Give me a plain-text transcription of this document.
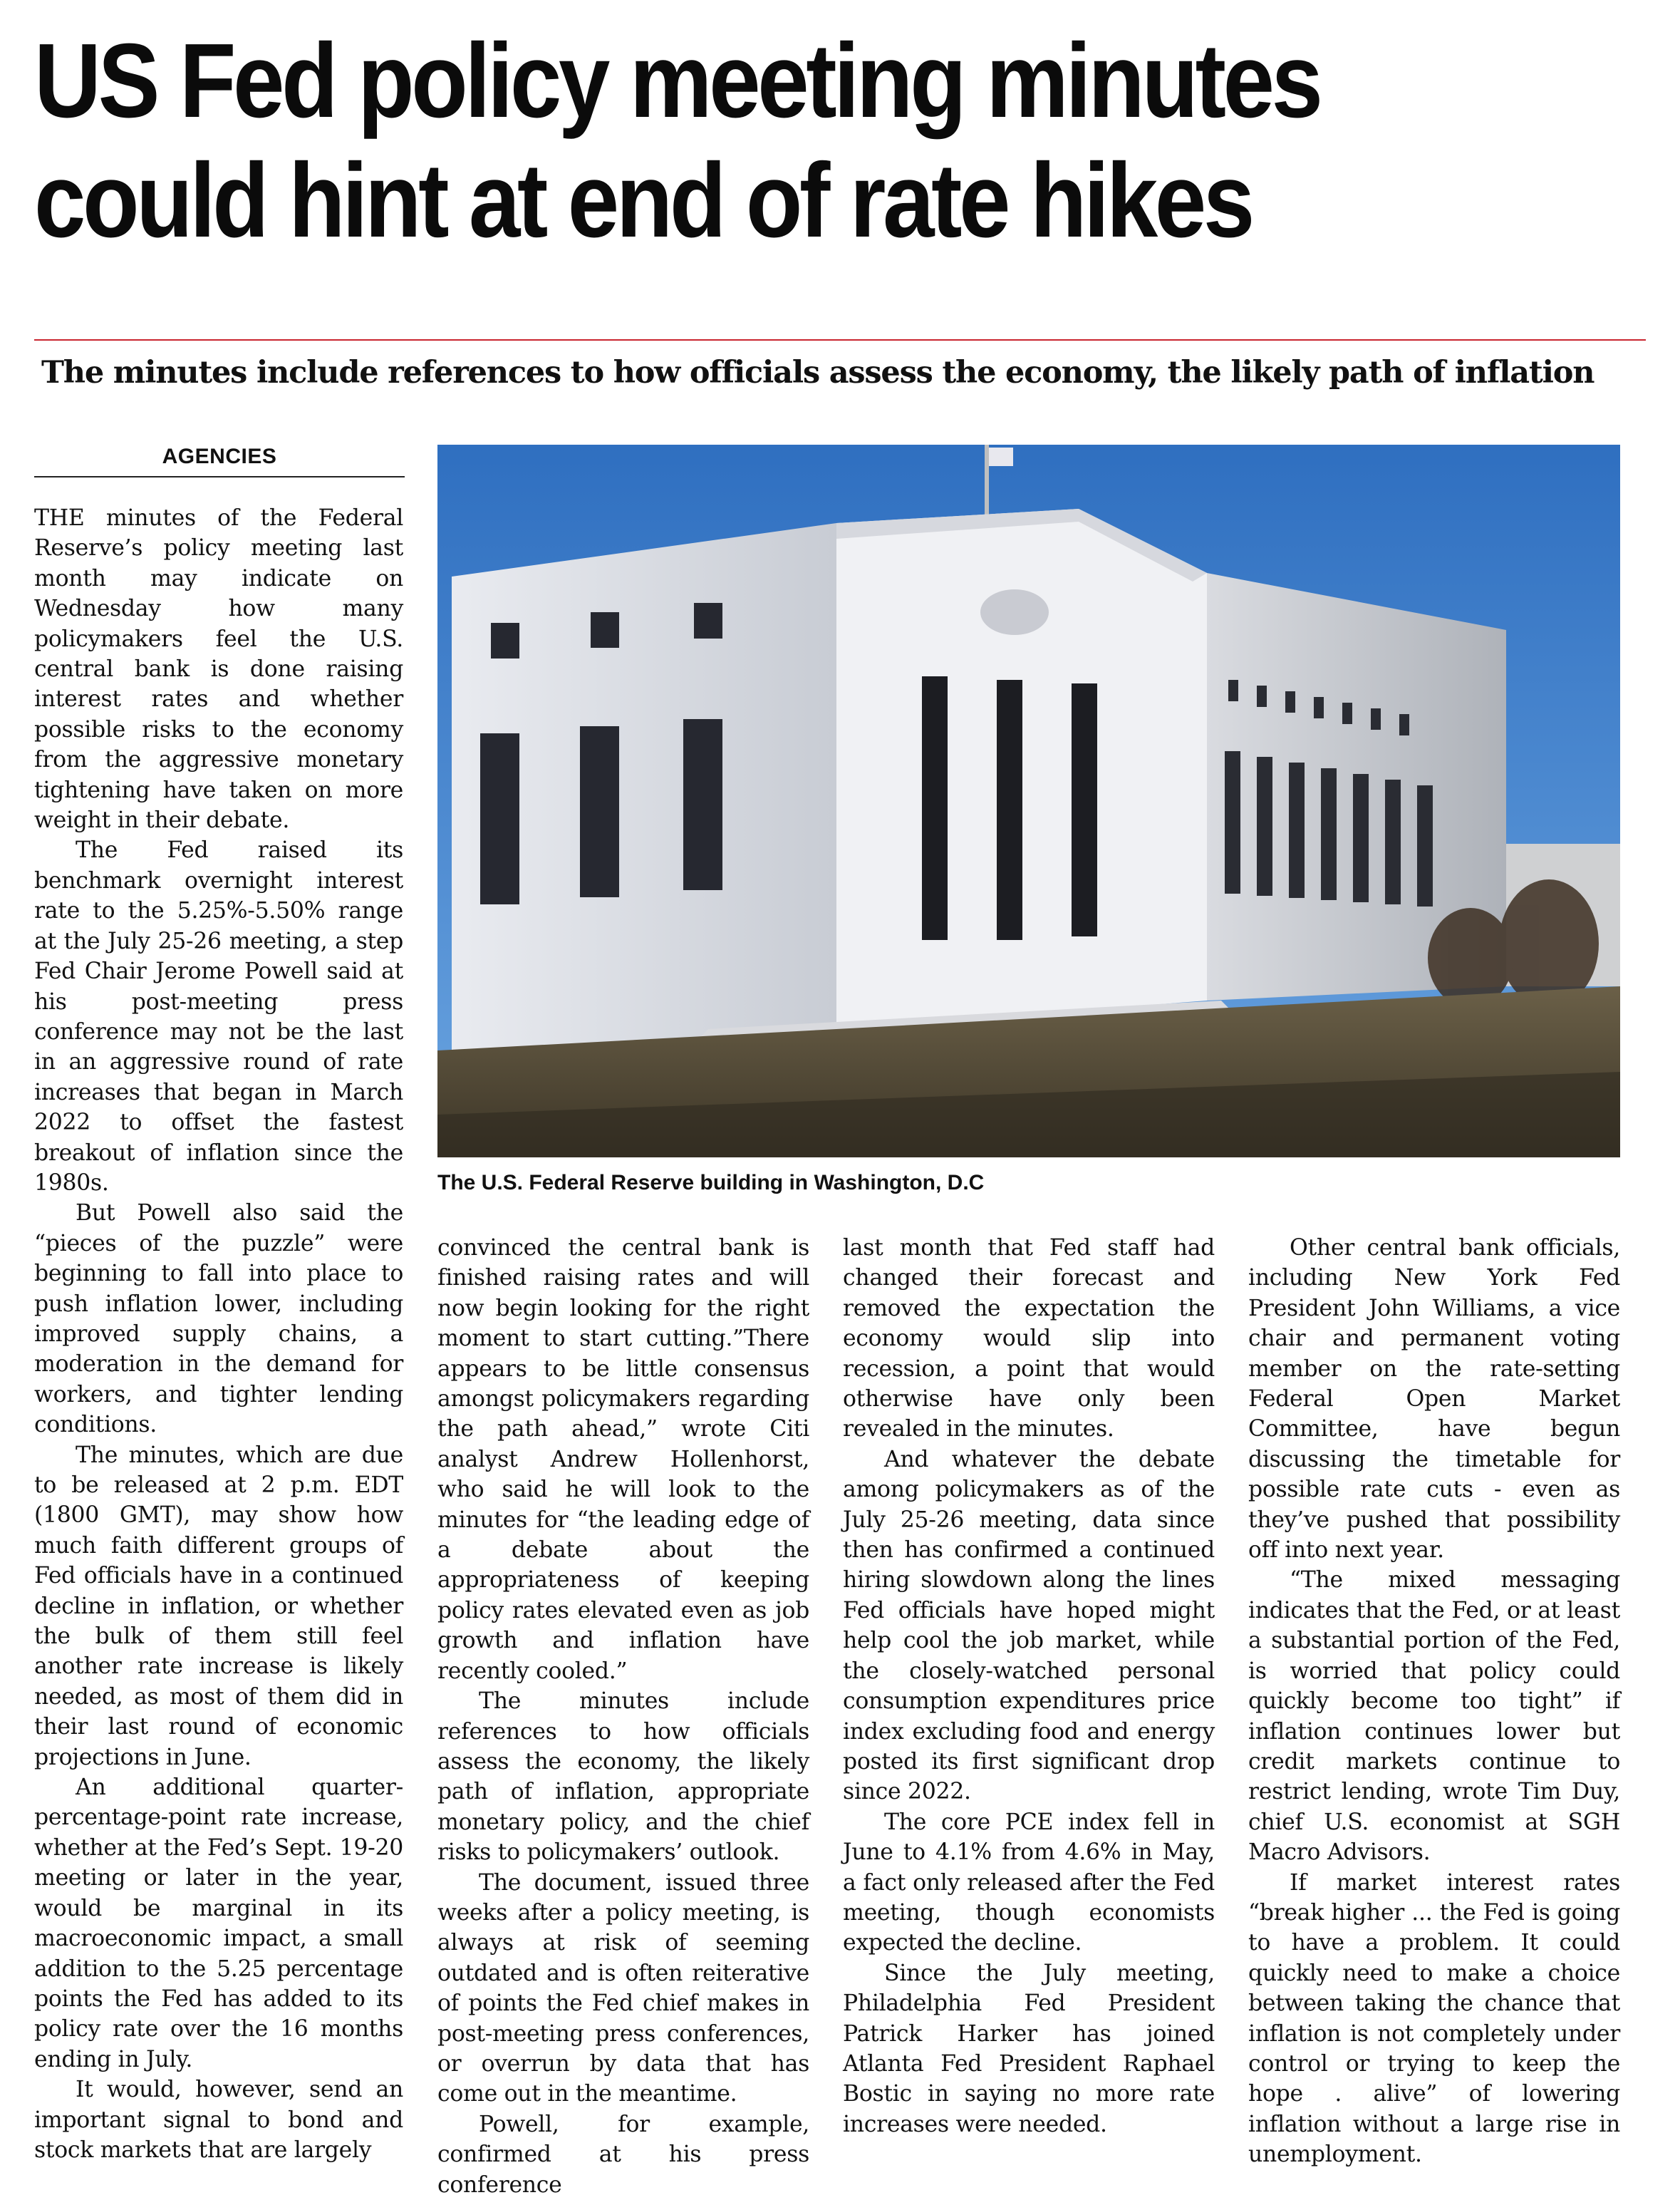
US Fed policy meeting minutes
could hint at end of rate hikes
The minutes include references to how officials assess the economy, the likely path of inflation
AGENCIES

THE minutes of the Federal Reserve’s policy meeting last month may indicate on Wednesday how many policymakers feel the U.S. central bank is done raising interest rates and whether possible risks to the economy from the aggressive monetary tightening have taken on more weight in their debate.

The Fed raised its benchmark overnight interest rate to the 5.25%-5.50% range at the July 25-26 meeting, a step Fed Chair Jerome Powell said at his post-meeting press conference may not be the last in an aggressive round of rate increases that began in March 2022 to offset the fastest breakout of inflation since the 1980s.

But Powell also said the “pieces of the puzzle” were beginning to fall into place to push inflation lower, including improved supply chains, a moderation in the demand for workers, and tighter lending conditions.

The minutes, which are due to be released at 2 p.m. EDT (1800 GMT), may show how much faith different groups of Fed officials have in a continued decline in inflation, or whether the bulk of them still feel another rate increase is likely needed, as most of them did in their last round of economic projections in June.

An additional quarter-percentage-point rate increase, whether at the Fed’s Sept. 19-20 meeting or later in the year, would be marginal in its macroeconomic impact, a small addition to the 5.25 percentage points the Fed has added to its policy rate over the 16 months ending in July.

It would, however, send an important signal to bond and stock markets that are largely

The U.S. Federal Reserve building in Washington, D.C

convinced the central bank is finished raising rates and will now begin looking for the right moment to start cutting.”There appears to be little consensus amongst policymakers regarding the path ahead,” wrote Citi analyst Andrew Hollenhorst, who said he will look to the minutes for “the leading edge of a debate about the appropriateness of keeping policy rates elevated even as job growth and inflation have recently cooled.”

The minutes include references to how officials assess the economy, the likely path of inflation, appropriate monetary policy, and the chief risks to policymakers’ outlook.

The document, issued three weeks after a policy meeting, is always at risk of seeming outdated and is often reiterative of points the Fed chief makes in post-meeting press conferences, or overrun by data that has come out in the meantime.

Powell, for example, confirmed at his press conference

last month that Fed staff had changed their forecast and removed the expectation the economy would slip into recession, a point that would otherwise have only been revealed in the minutes.

And whatever the debate among policymakers as of the July 25-26 meeting, data since then has confirmed a continued hiring slowdown along the lines Fed officials have hoped might help cool the job market, while the closely-watched personal consumption expenditures price index excluding food and energy posted its first significant drop since 2022.

The core PCE index fell in June to 4.1% from 4.6% in May, a fact only released after the Fed meeting, though economists expected the decline.

Since the July meeting, Philadelphia Fed President Patrick Harker has joined Atlanta Fed President Raphael Bostic in saying no more rate increases were needed.

Other central bank officials, including New York Fed President John Williams, a vice chair and permanent voting member on the rate-setting Federal Open Market Committee, have begun discussing the timetable for possible rate cuts - even as they’ve pushed that possibility off into next year.

“The mixed messaging indicates that the Fed, or at least a substantial portion of the Fed, is worried that policy could quickly become too tight” if inflation continues lower but credit markets continue to restrict lending, wrote Tim Duy, chief U.S. economist at SGH Macro Advisors.

If market interest rates “break higher ... the Fed is going to have a problem. It could quickly need to make a choice between taking the chance that inflation is not completely under control or trying to keep the hope . alive” of lowering inflation without a large rise in unemployment.
